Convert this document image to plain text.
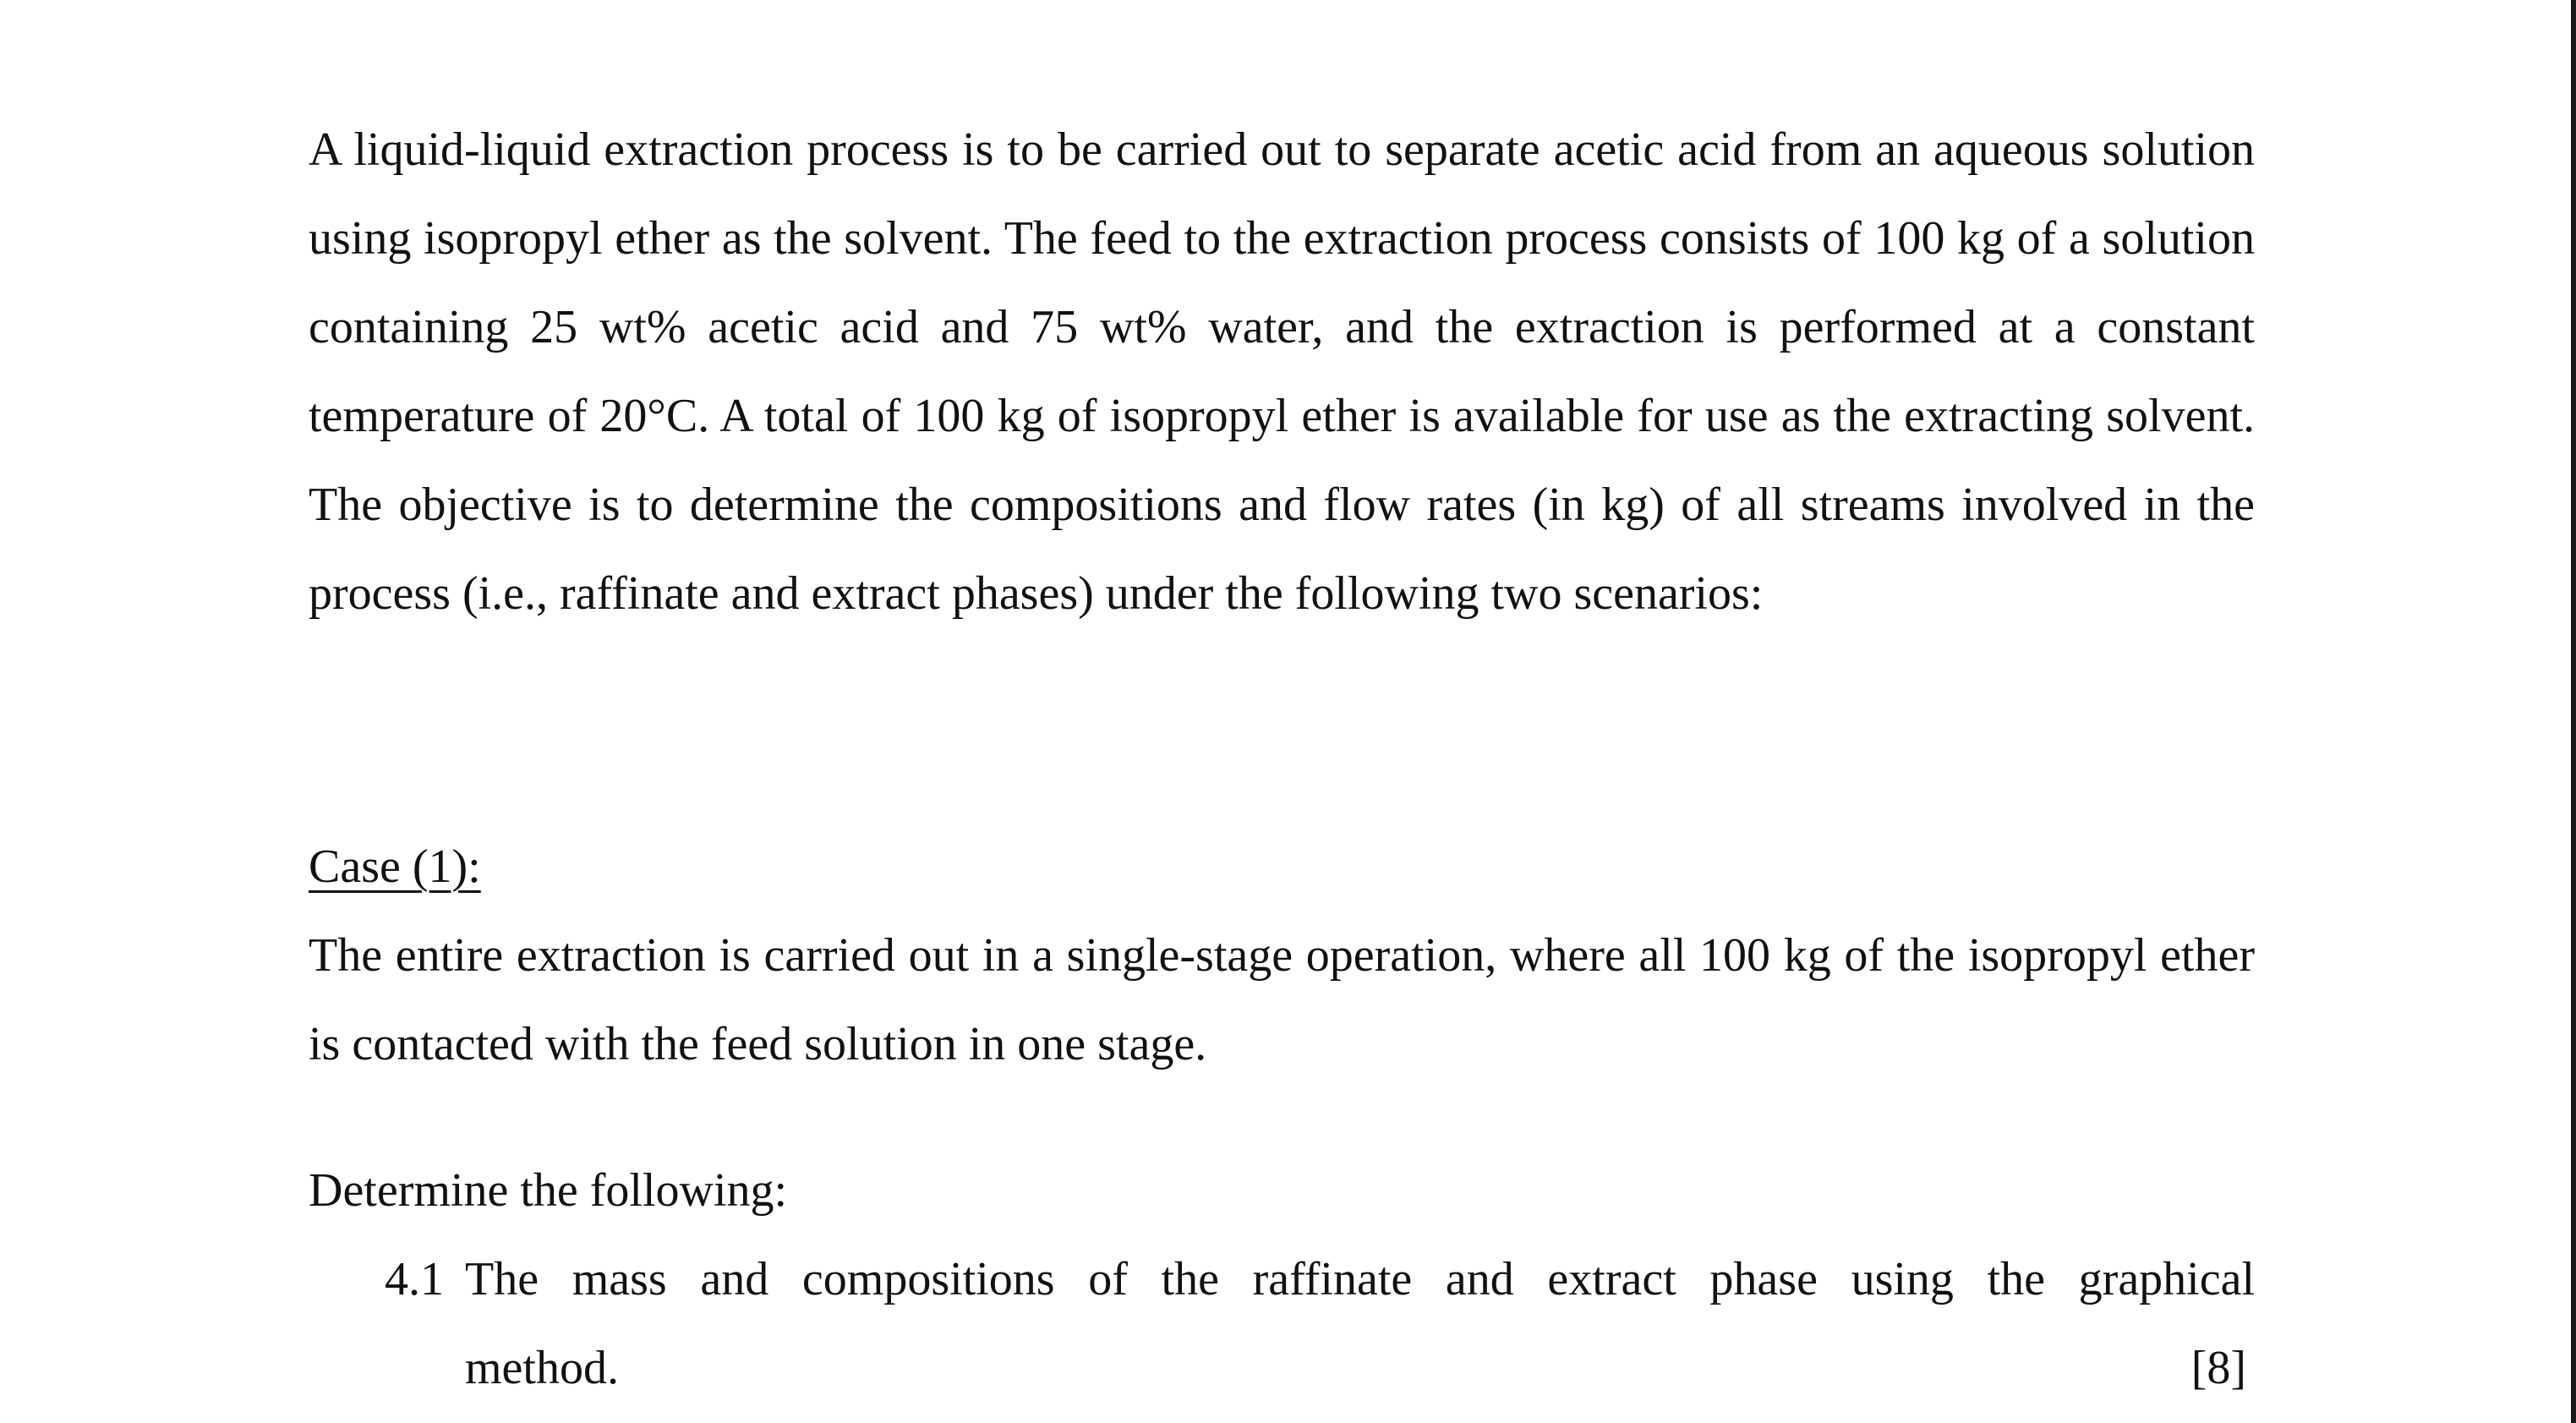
A liquid-liquid extraction process is to be carried out to separate acetic acid from an aqueous solution using isopropyl ether as the solvent. The feed to the extraction process consists of 100 kg of a solution containing 25 wt% acetic acid and 75 wt% water, and the extraction is performed at a constant temperature of 20°C. A total of 100 kg of isopropyl ether is available for use as the extracting solvent. The objective is to determine the compositions and flow rates (in kg) of all streams involved in the process (i.e., raffinate and extract phases) under the following two scenarios:

Case (1):

The entire extraction is carried out in a single-stage operation, where all 100 kg of the isopropyl ether is contacted with the feed solution in one stage.

Determine the following:

4.1 The mass and compositions of the raffinate and extract phase using the graphical
method.	[8]
